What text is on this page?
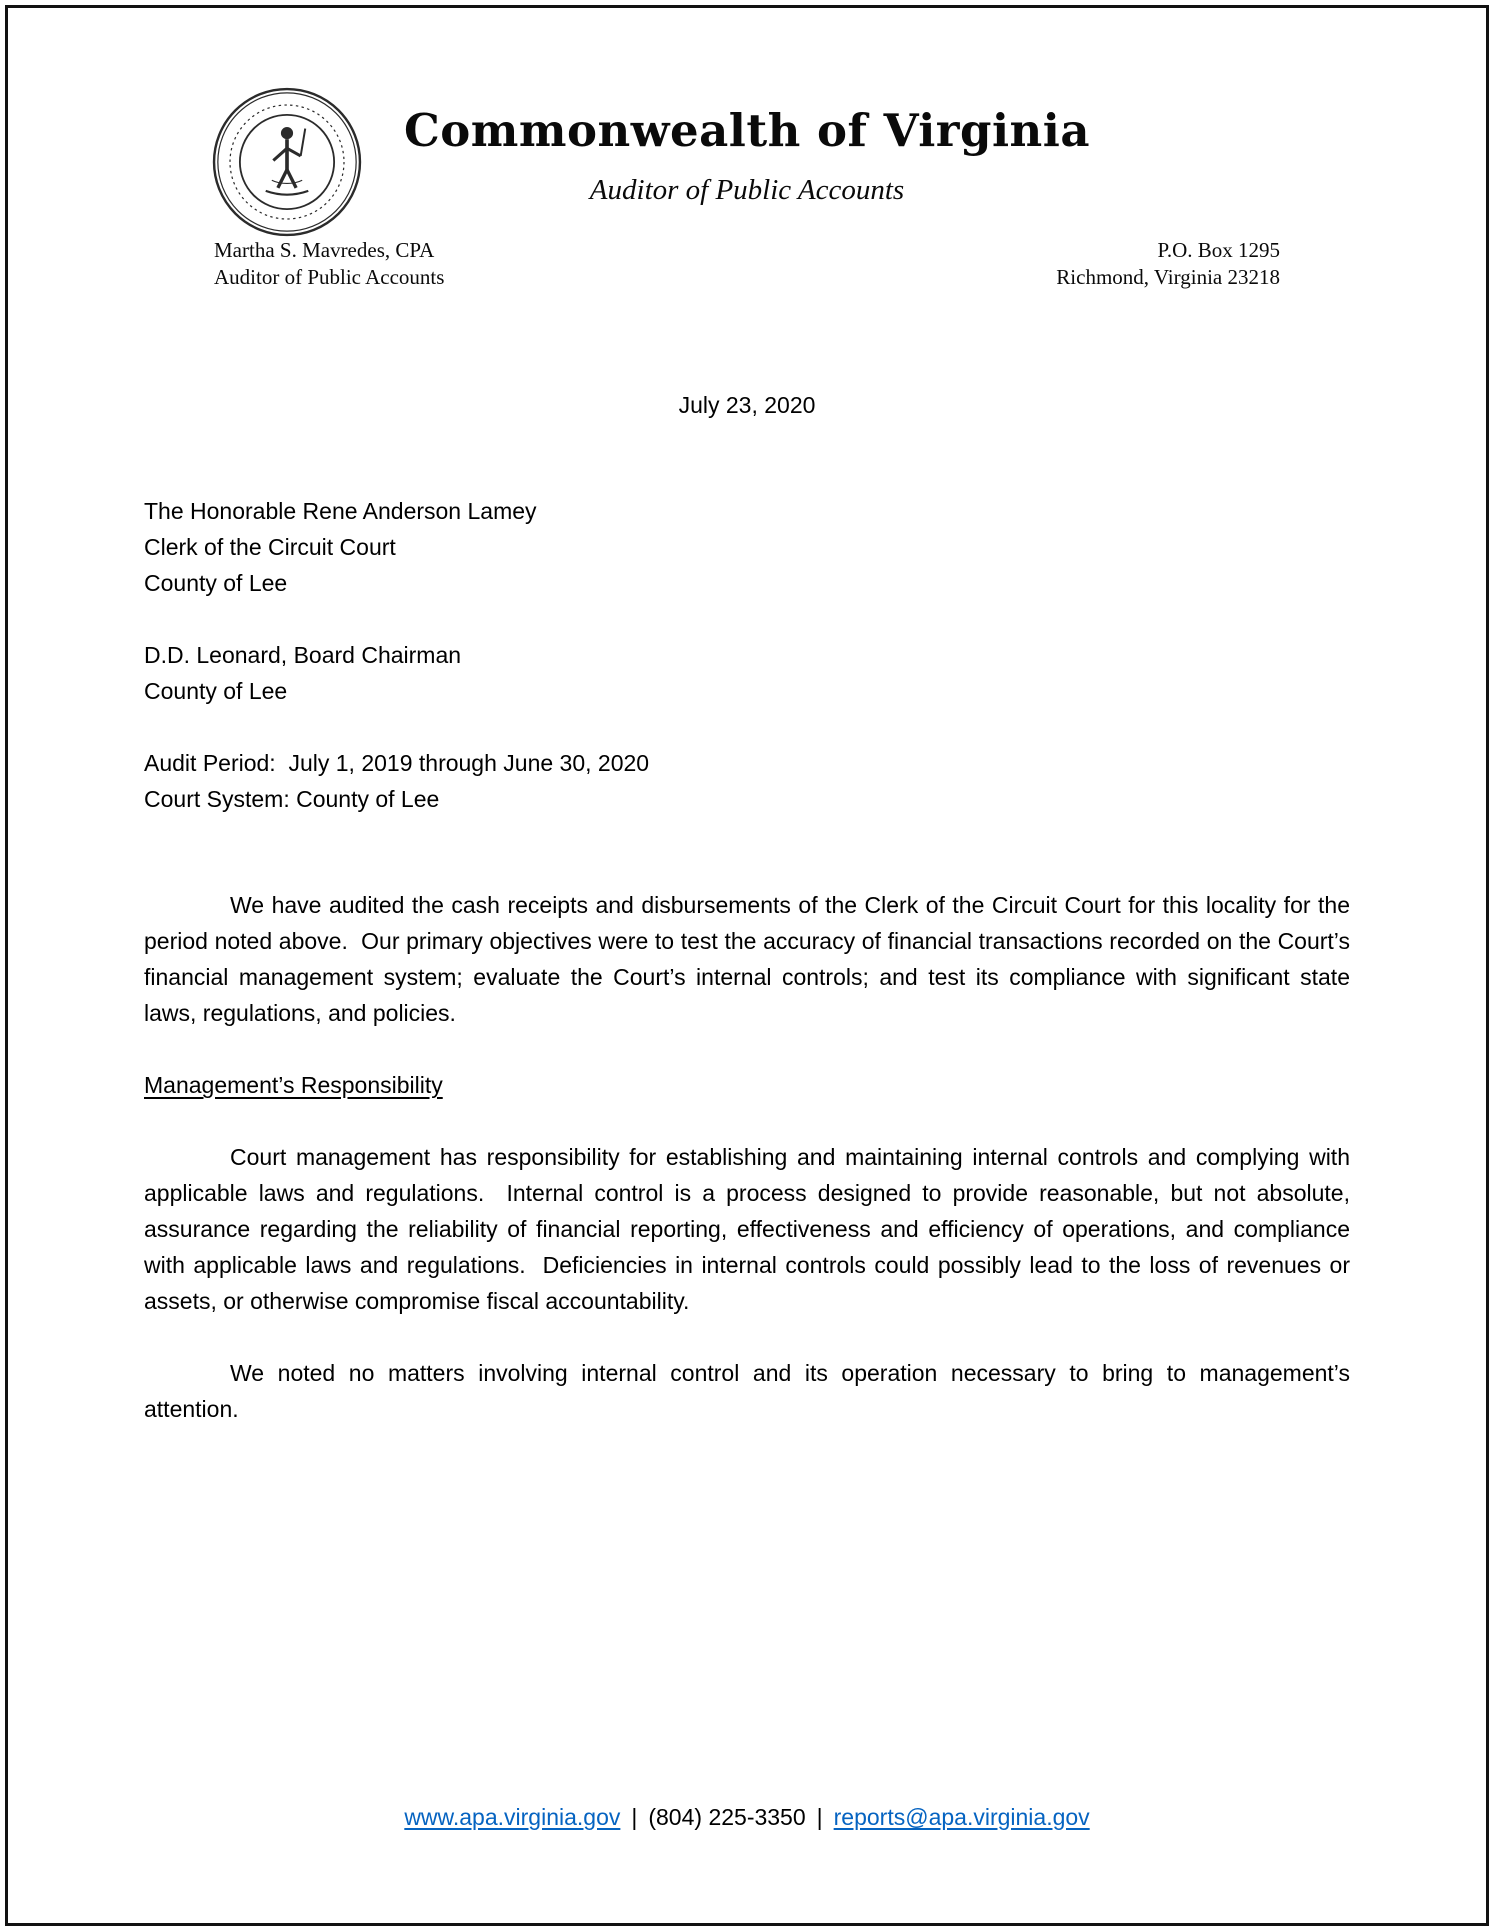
Commonwealth of Virginia
Auditor of Public Accounts
Martha S. Mavredes, CPA
Auditor of Public Accounts
P.O. Box 1295
Richmond, Virginia 23218
July 23, 2020
The Honorable Rene Anderson Lamey
Clerk of the Circuit Court
County of Lee
D.D. Leonard, Board Chairman
County of Lee
Audit Period:  July 1, 2019 through June 30, 2020
Court System: County of Lee

We have audited the cash receipts and disbursements of the Clerk of the Circuit Court for this locality for the period noted above.  Our primary objectives were to test the accuracy of financial transactions recorded on the Court’s financial management system; evaluate the Court’s internal controls; and test its compliance with significant state laws, regulations, and policies.

Management’s Responsibility

Court management has responsibility for establishing and maintaining internal controls and complying with applicable laws and regulations.  Internal control is a process designed to provide reasonable, but not absolute, assurance regarding the reliability of financial reporting, effectiveness and efficiency of operations, and compliance with applicable laws and regulations.  Deficiencies in internal controls could possibly lead to the loss of revenues or assets, or otherwise compromise fiscal accountability.

We noted no matters involving internal control and its operation necessary to bring to management’s attention.

www.apa.virginia.gov | (804) 225-3350 | reports@apa.virginia.gov
